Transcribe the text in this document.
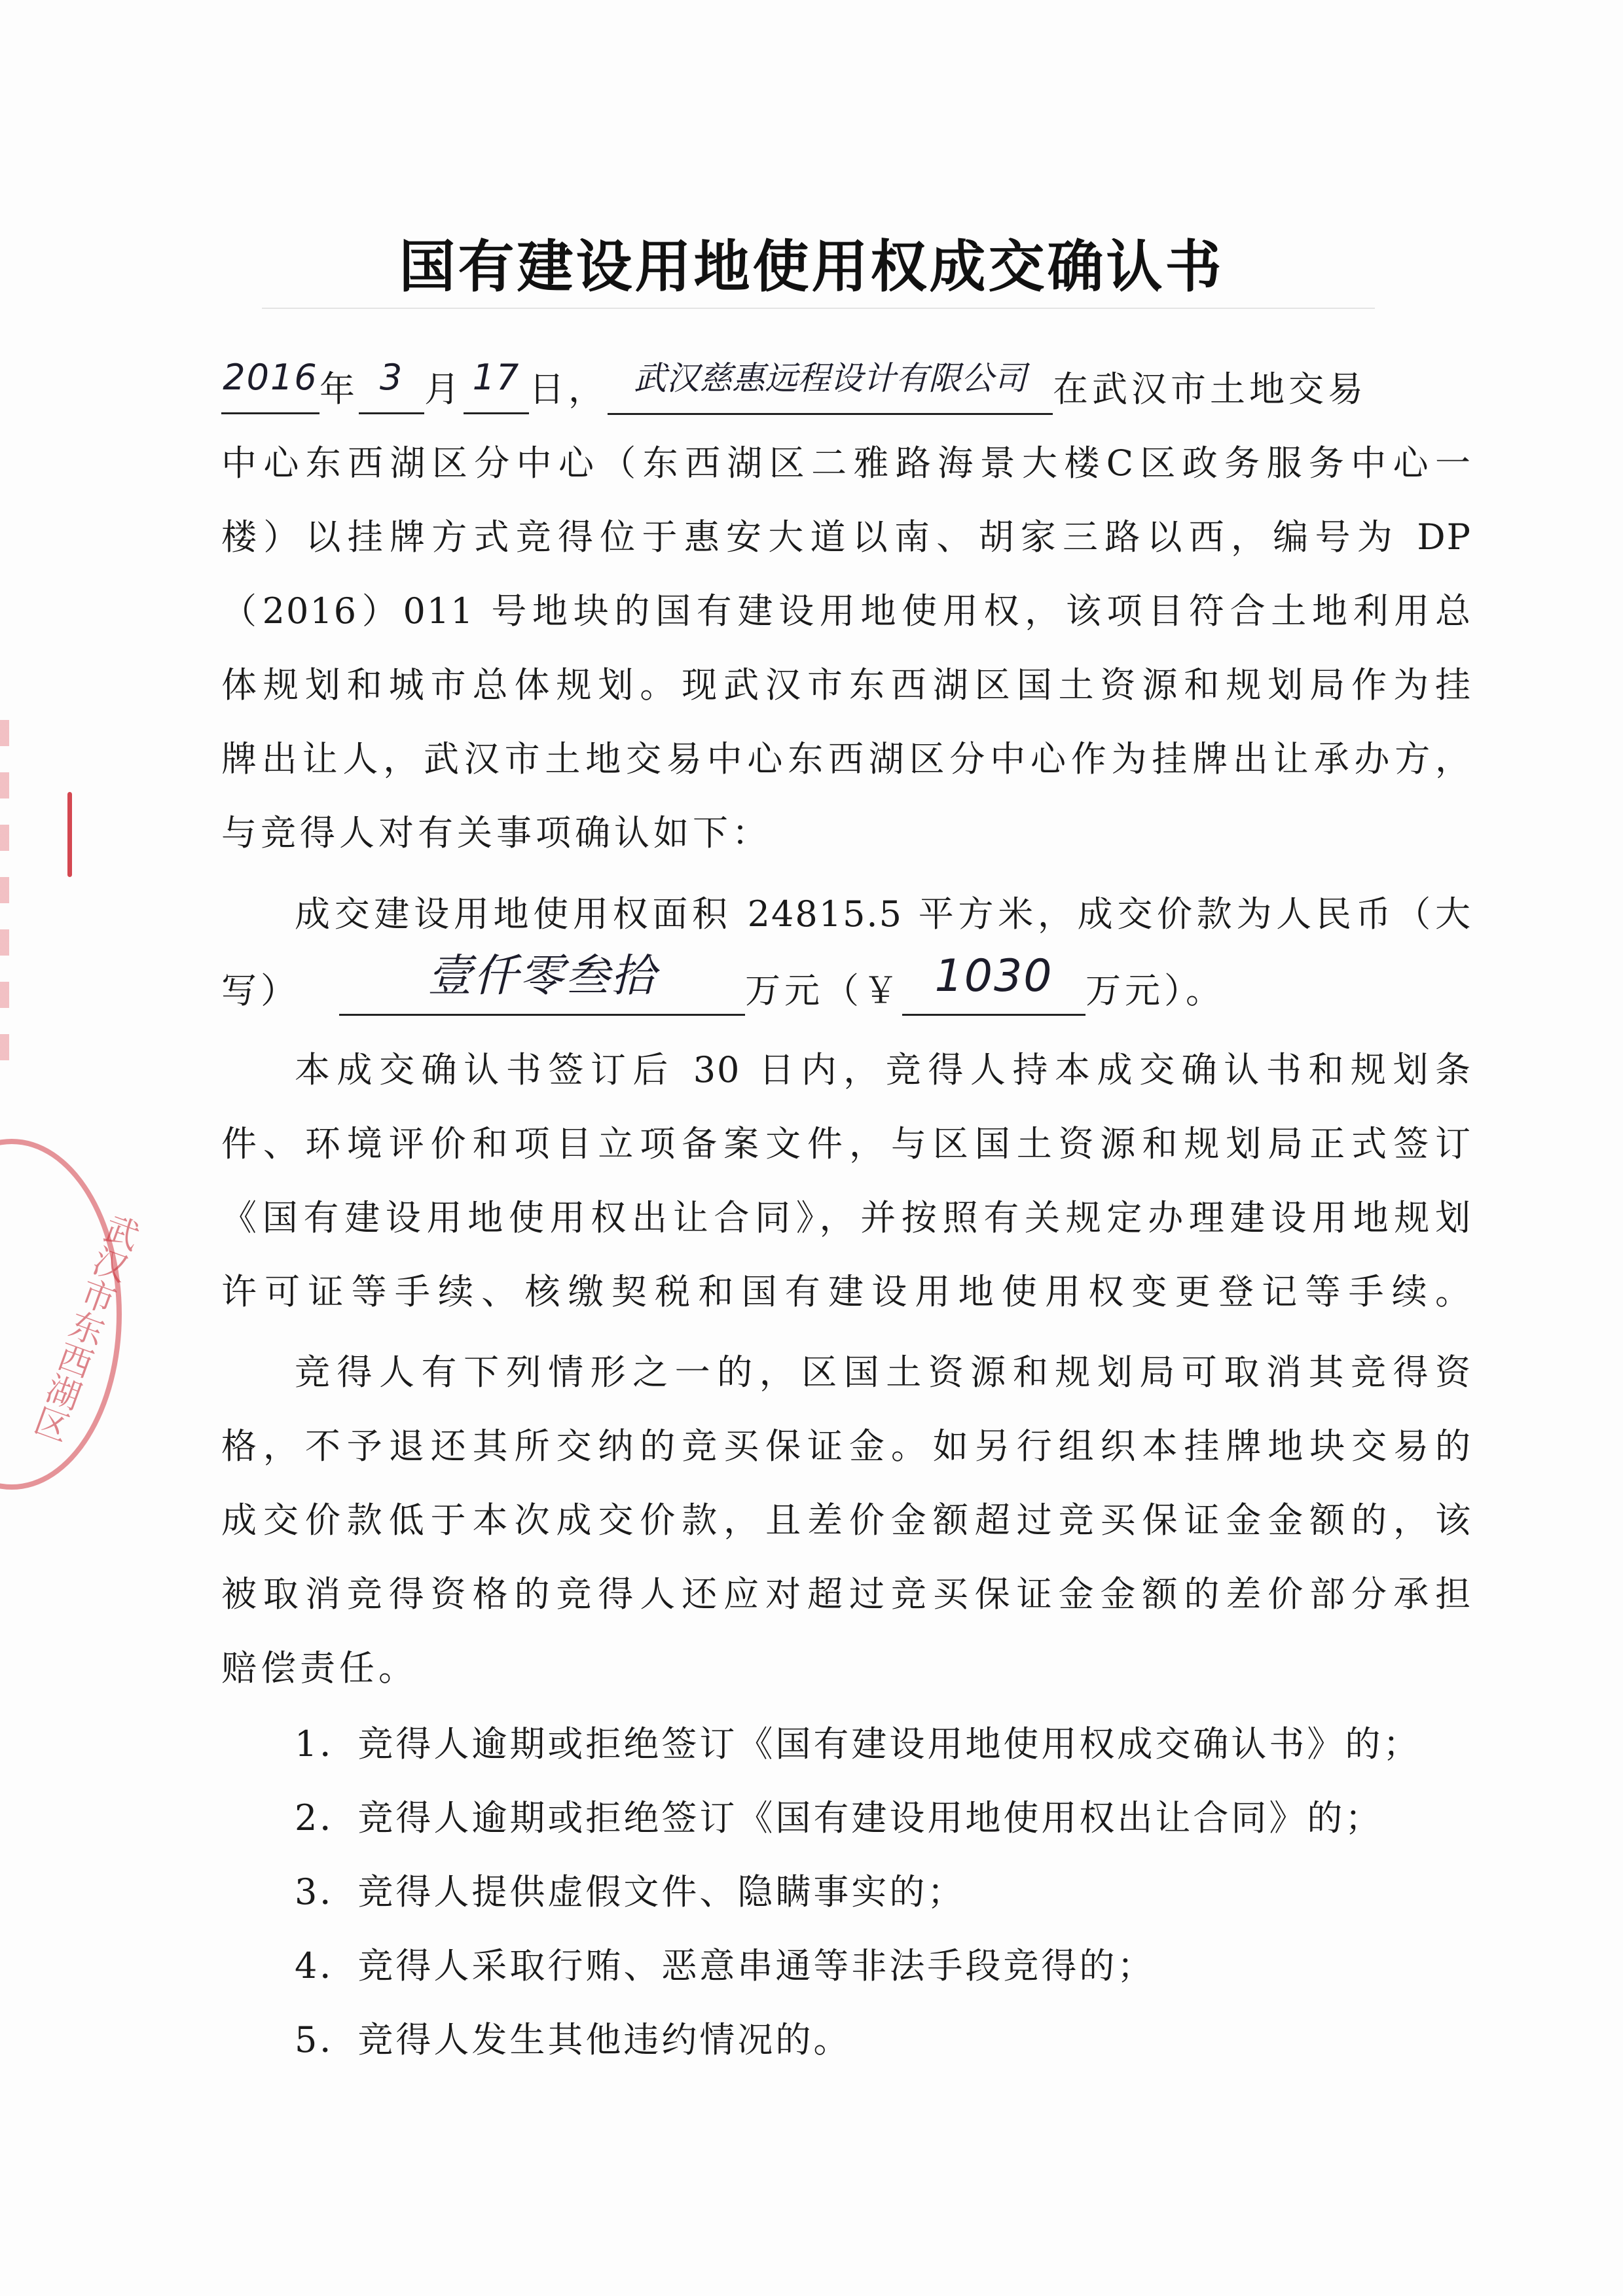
武汉市东西湖区
国有建设用地使用权成交确认书
2016年 3 月 17 日， 武汉慈惠远程设计有限公司 在武汉市土地交易
中心东西湖区分中心（东西湖区二雅路海景大楼C区政务服务中心一
楼）以挂牌方式竞得位于惠安大道以南、胡家三路以西，编号为 DP
（2016）011 号地块的国有建设用地使用权，该项目符合土地利用总
体规划和城市总体规划。现武汉市东西湖区国土资源和规划局作为挂
牌出让人，武汉市土地交易中心东西湖区分中心作为挂牌出让承办方，
与竞得人对有关事项确认如下：
成交建设用地使用权面积 24815.5 平方米，成交价款为人民币（大
写）	壹仟零叁拾	万元（￥ 1030 万元）。
本成交确认书签订后 30 日内，竞得人持本成交确认书和规划条
件、环境评价和项目立项备案文件，与区国土资源和规划局正式签订
《国有建设用地使用权出让合同》，并按照有关规定办理建设用地规划
许可证等手续、核缴契税和国有建设用地使用权变更登记等手续。
竞得人有下列情形之一的，区国土资源和规划局可取消其竞得资
格，不予退还其所交纳的竞买保证金。如另行组织本挂牌地块交易的
成交价款低于本次成交价款，且差价金额超过竞买保证金金额的，该
被取消竞得资格的竞得人还应对超过竞买保证金金额的差价部分承担
赔偿责任。
1．竞得人逾期或拒绝签订《国有建设用地使用权成交确认书》的；
2．竞得人逾期或拒绝签订《国有建设用地使用权出让合同》的；
3．竞得人提供虚假文件、隐瞒事实的；
4．竞得人采取行贿、恶意串通等非法手段竞得的；
5．竞得人发生其他违约情况的。
